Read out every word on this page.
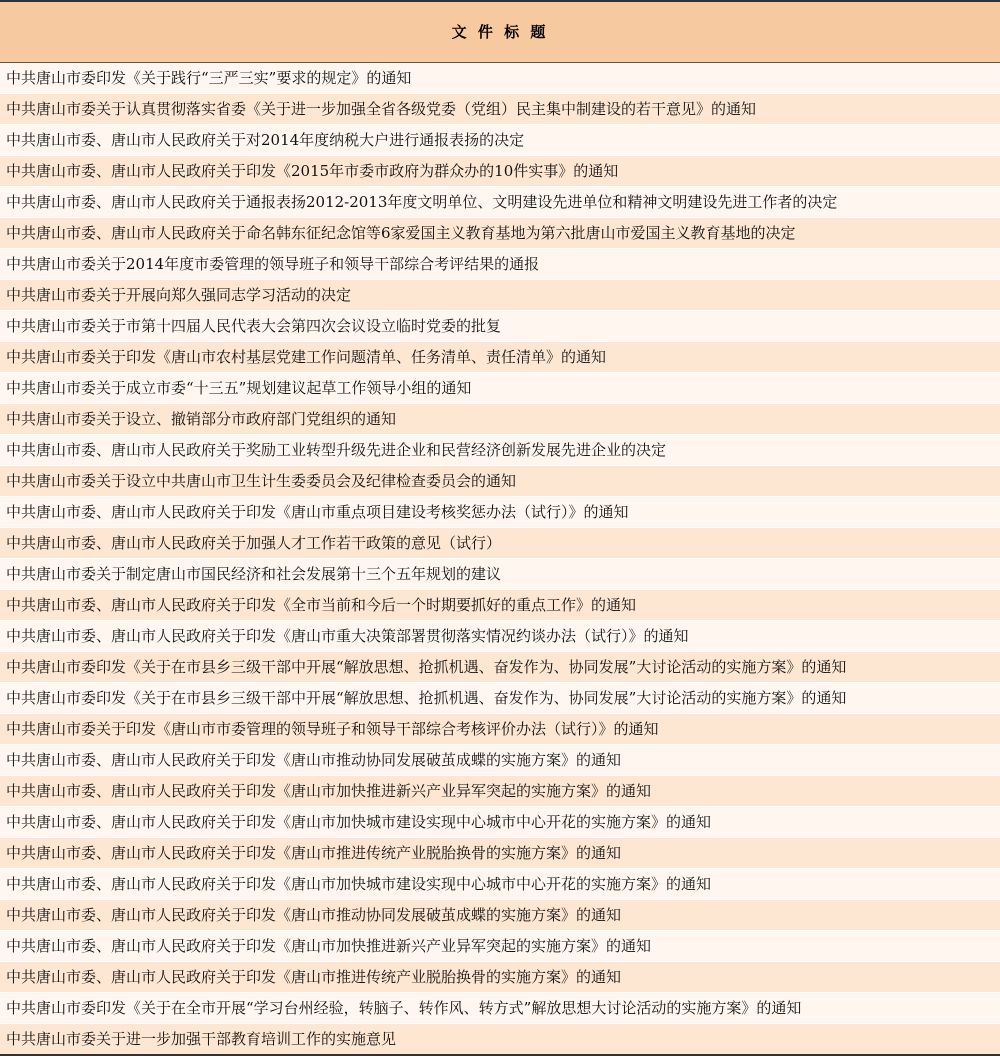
文 件 标 题
中共唐山市委印发《关于践行“三严三实”要求的规定》的通知
中共唐山市委关于认真贯彻落实省委《关于进一步加强全省各级党委（党组）民主集中制建设的若干意见》的通知
中共唐山市委、唐山市人民政府关于对2014年度纳税大户进行通报表扬的决定
中共唐山市委、唐山市人民政府关于印发《2015年市委市政府为群众办的10件实事》的通知
中共唐山市委、唐山市人民政府关于通报表扬2012-2013年度文明单位、文明建设先进单位和精神文明建设先进工作者的决定
中共唐山市委、唐山市人民政府关于命名韩东征纪念馆等6家爱国主义教育基地为第六批唐山市爱国主义教育基地的决定
中共唐山市委关于2014年度市委管理的领导班子和领导干部综合考评结果的通报
中共唐山市委关于开展向郑久强同志学习活动的决定
中共唐山市委关于市第十四届人民代表大会第四次会议设立临时党委的批复
中共唐山市委关于印发《唐山市农村基层党建工作问题清单、任务清单、责任清单》的通知
中共唐山市委关于成立市委“十三五”规划建议起草工作领导小组的通知
中共唐山市委关于设立、撤销部分市政府部门党组织的通知
中共唐山市委、唐山市人民政府关于奖励工业转型升级先进企业和民营经济创新发展先进企业的决定
中共唐山市委关于设立中共唐山市卫生计生委委员会及纪律检查委员会的通知
中共唐山市委、唐山市人民政府关于印发《唐山市重点项目建设考核奖惩办法（试行）》的通知
中共唐山市委、唐山市人民政府关于加强人才工作若干政策的意见（试行）
中共唐山市委关于制定唐山市国民经济和社会发展第十三个五年规划的建议
中共唐山市委、唐山市人民政府关于印发《全市当前和今后一个时期要抓好的重点工作》的通知
中共唐山市委、唐山市人民政府关于印发《唐山市重大决策部署贯彻落实情况约谈办法（试行）》的通知
中共唐山市委印发《关于在市县乡三级干部中开展“解放思想、抢抓机遇、奋发作为、协同发展”大讨论活动的实施方案》的通知
中共唐山市委印发《关于在市县乡三级干部中开展“解放思想、抢抓机遇、奋发作为、协同发展”大讨论活动的实施方案》的通知
中共唐山市委关于印发《唐山市市委管理的领导班子和领导干部综合考核评价办法（试行）》的通知
中共唐山市委、唐山市人民政府关于印发《唐山市推动协同发展破茧成蝶的实施方案》的通知
中共唐山市委、唐山市人民政府关于印发《唐山市加快推进新兴产业异军突起的实施方案》的通知
中共唐山市委、唐山市人民政府关于印发《唐山市加快城市建设实现中心城市中心开花的实施方案》的通知
中共唐山市委、唐山市人民政府关于印发《唐山市推进传统产业脱胎换骨的实施方案》的通知
中共唐山市委、唐山市人民政府关于印发《唐山市加快城市建设实现中心城市中心开花的实施方案》的通知
中共唐山市委、唐山市人民政府关于印发《唐山市推动协同发展破茧成蝶的实施方案》的通知
中共唐山市委、唐山市人民政府关于印发《唐山市加快推进新兴产业异军突起的实施方案》的通知
中共唐山市委、唐山市人民政府关于印发《唐山市推进传统产业脱胎换骨的实施方案》的通知
中共唐山市委印发《关于在全市开展“学习台州经验，转脑子、转作风、转方式”解放思想大讨论活动的实施方案》的通知
中共唐山市委关于进一步加强干部教育培训工作的实施意见
